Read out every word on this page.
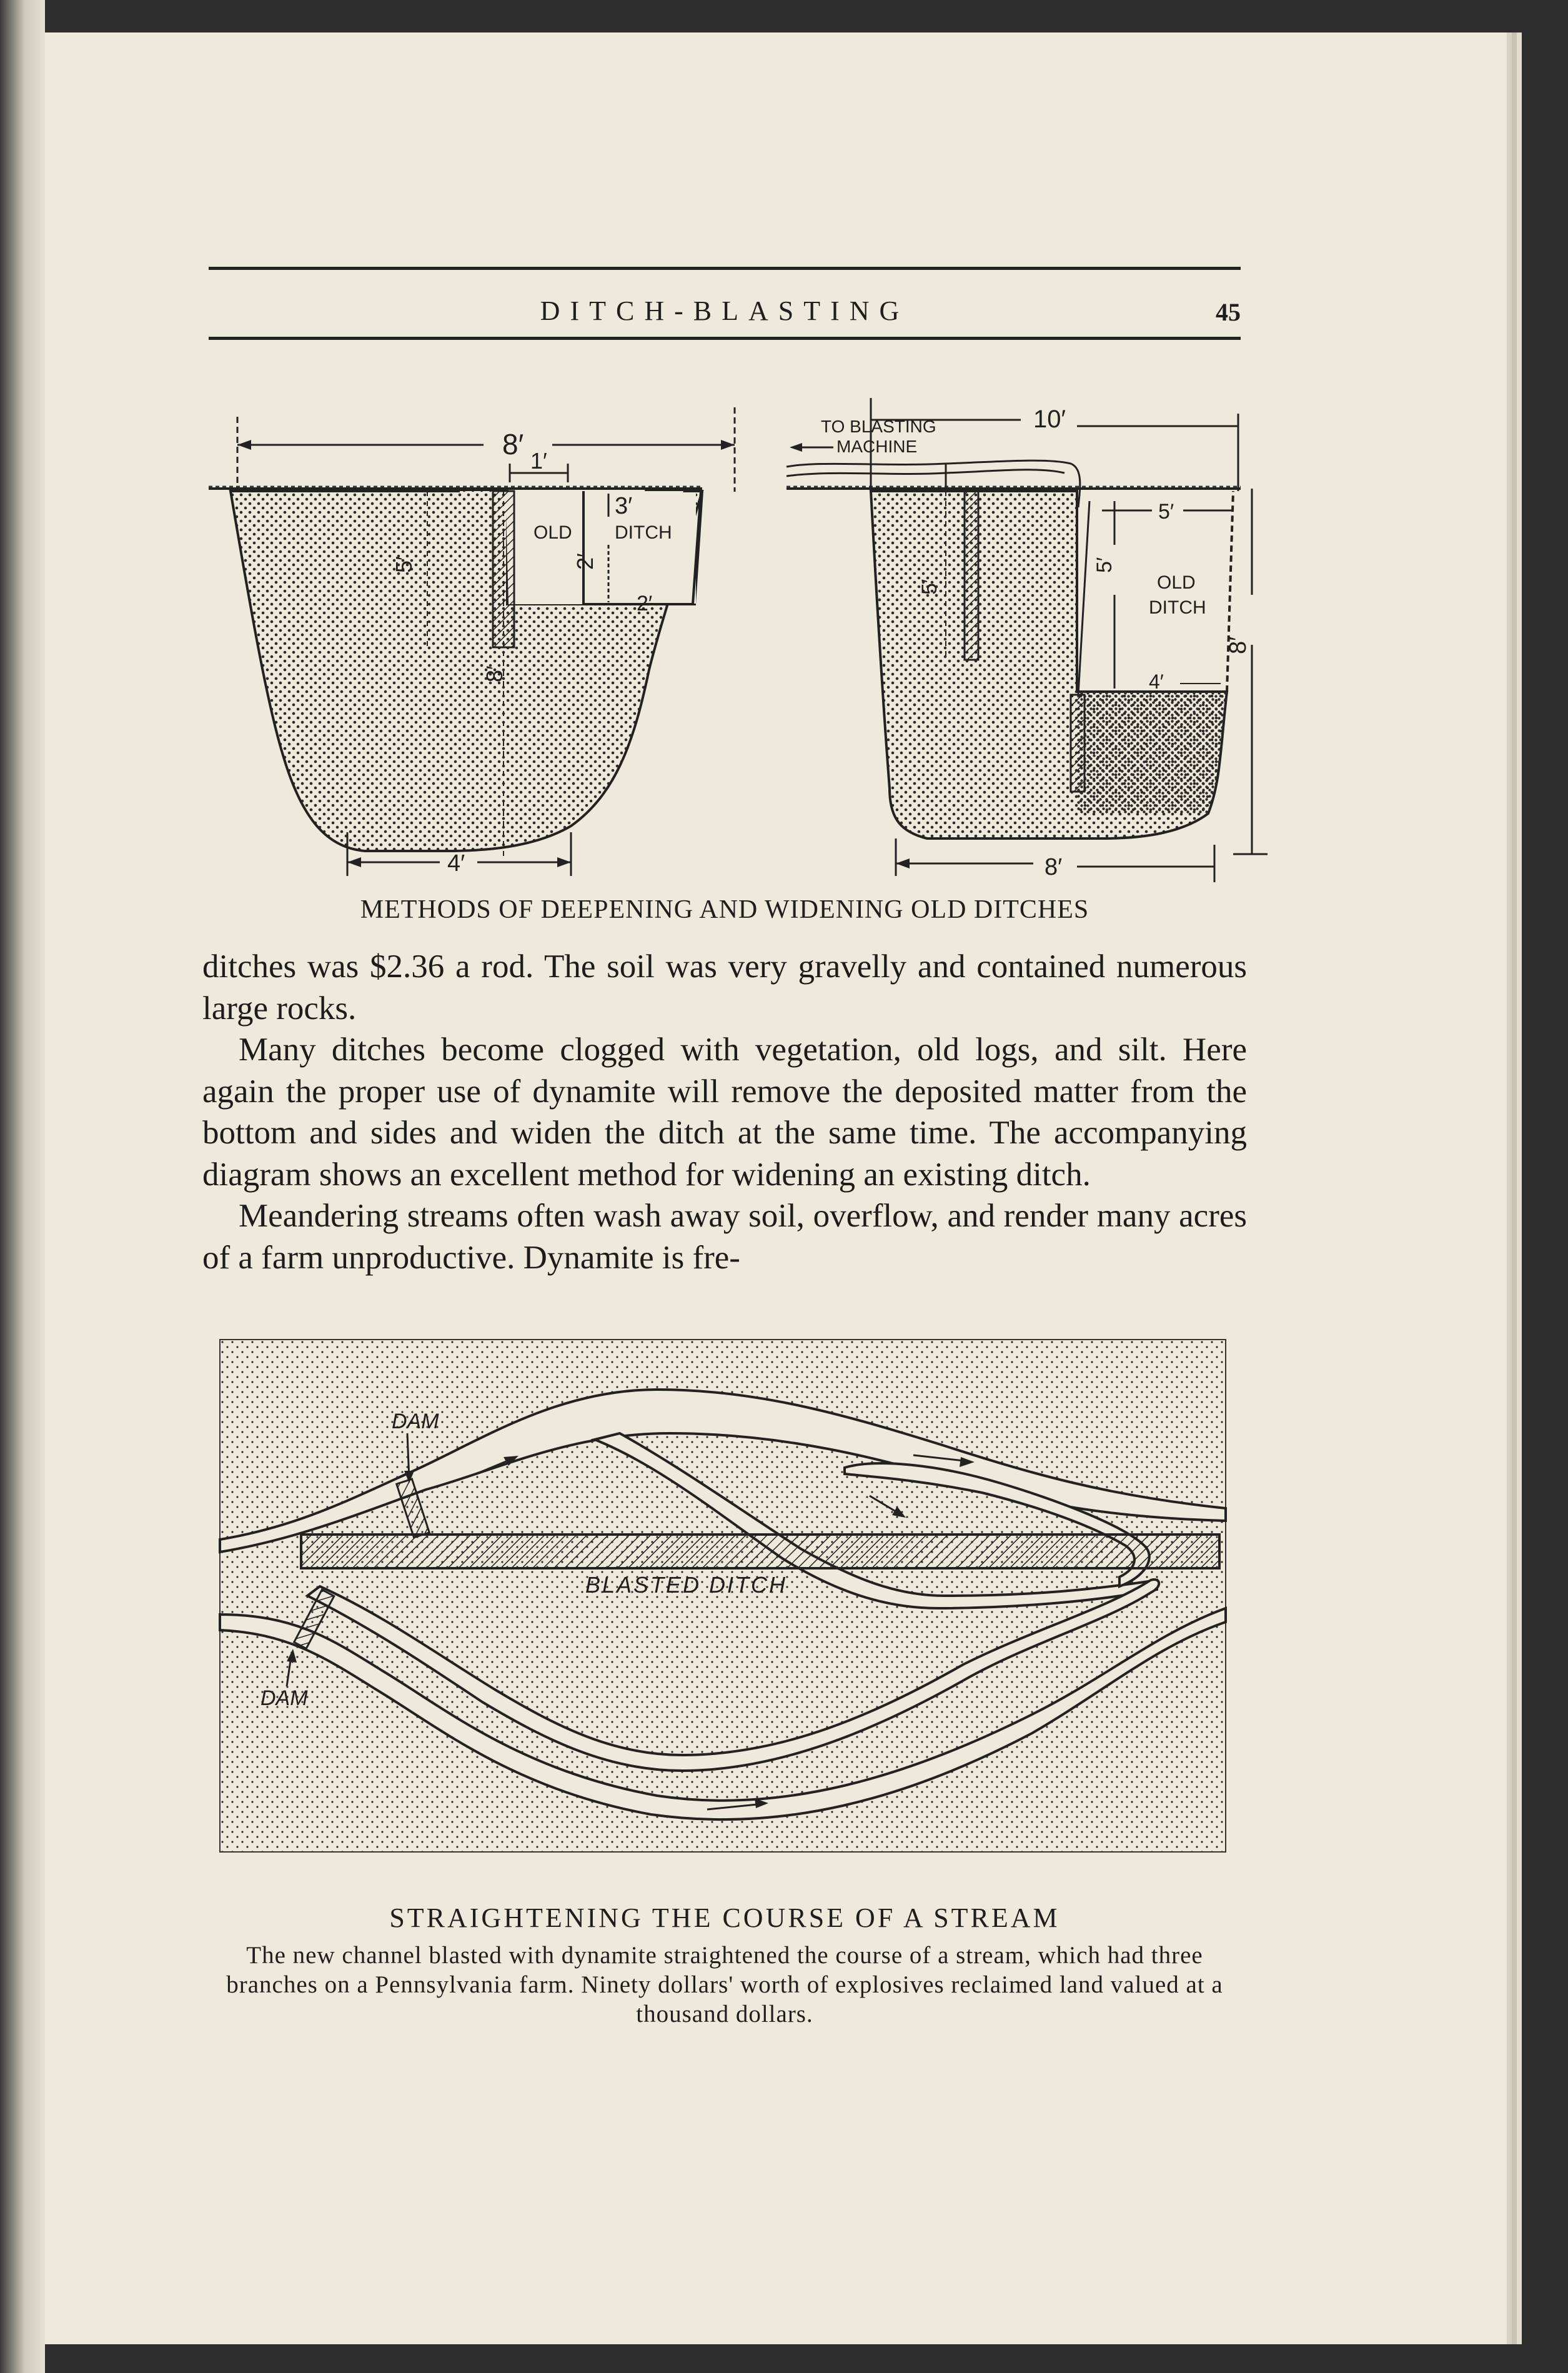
DITCH-BLASTING	45
8′
1′
5′
8′
3′
2′
2′
OLD DITCH
4′
5′
TO BLASTING
MACHINE
10′
5′
5′
OLD
DITCH
4′
8′
8′
METHODS OF DEEPENING AND WIDENING OLD DITCHES

ditches was $2.36 a rod. The soil was very gravelly and contained numerous large rocks.

Many ditches become clogged with vegetation, old logs, and silt. Here again the proper use of dynamite will remove the deposited matter from the bottom and sides and widen the ditch at the same time. The accompanying diagram shows an excellent method for widening an existing ditch.

Meandering streams often wash away soil, overflow, and render many acres of a farm unproductive. Dynamite is fre-

DAM
DAM
BLASTED DITCH
STRAIGHTENING THE COURSE OF A STREAM
The new channel blasted with dynamite straightened the course of a stream, which had three branches on a Pennsylvania farm. Ninety dollars' worth of explosives reclaimed land valued at a thousand dollars.
